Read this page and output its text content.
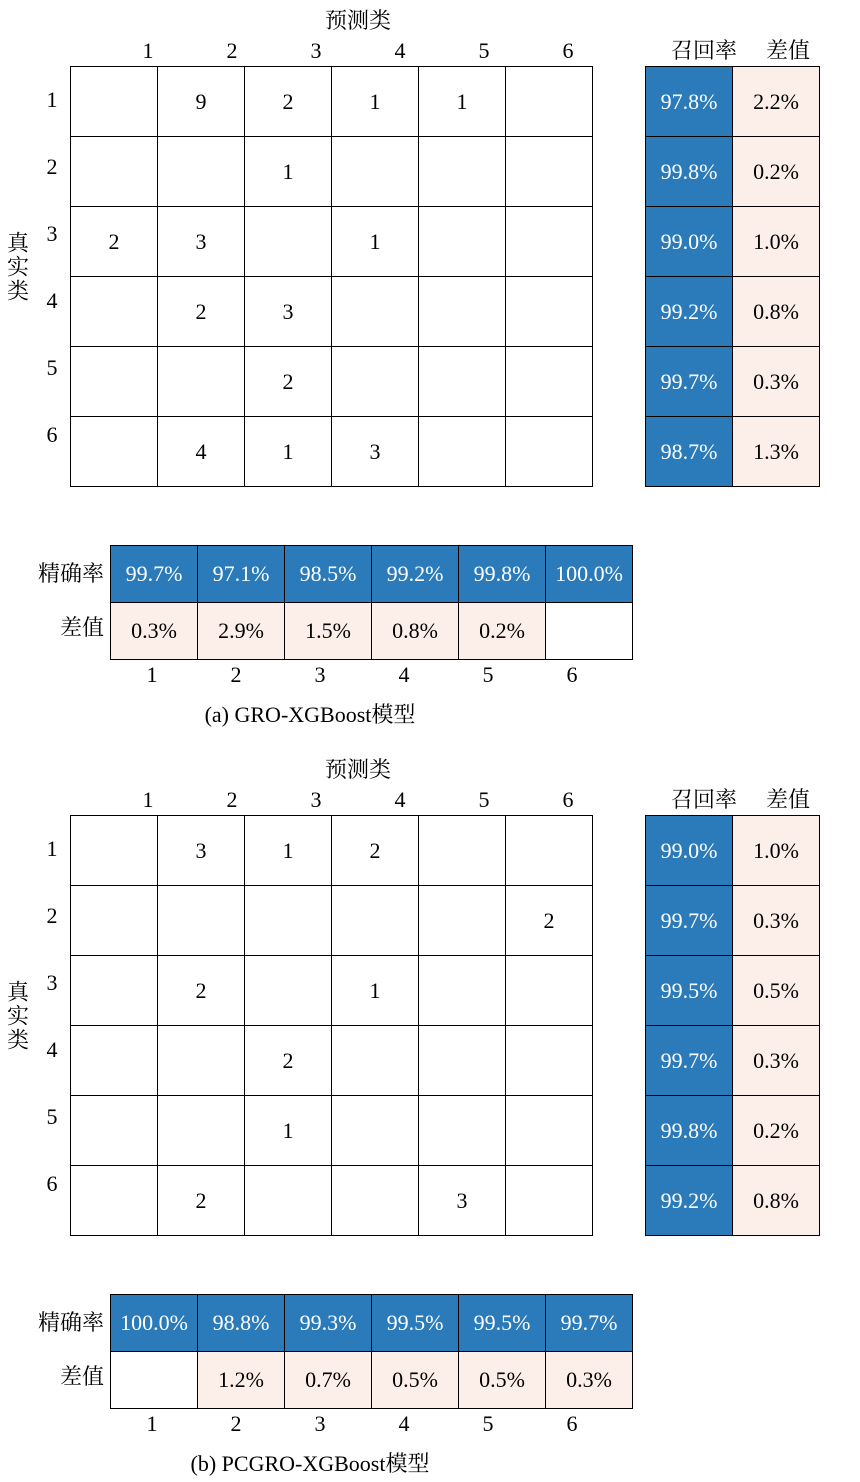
预测类
1	2	3	4	5	6	召回率	差值
真实类
1
2
3
4
5
6
587	9	2	1	1	
	599	1			
2	3	594	1		
	2	3	595		
		2		598	
	4	1	3		592
97.8%	2.2%
99.8%	0.2%
99.0%	1.0%
99.2%	0.8%
99.7%	0.3%
98.7%	1.3%
精确率
差值
99.7%	97.1%	98.5%	99.2%	99.8%	100.0%
0.3%	2.9%	1.5%	0.8%	0.2%	
1	2	3	4	5	6
(a) GRO-XGBoost模型
预测类
1	2	3	4	5	6	召回率	差值
真实类
1
2
3
4
5
6
594	3	1	2		
	598				2
	2	597	1		
		2	598		
		1		599	
	2			3	595
99.0%	1.0%
99.7%	0.3%
99.5%	0.5%
99.7%	0.3%
99.8%	0.2%
99.2%	0.8%
精确率
差值
100.0%	98.8%	99.3%	99.5%	99.5%	99.7%
	1.2%	0.7%	0.5%	0.5%	0.3%
1	2	3	4	5	6
(b) PCGRO-XGBoost模型
